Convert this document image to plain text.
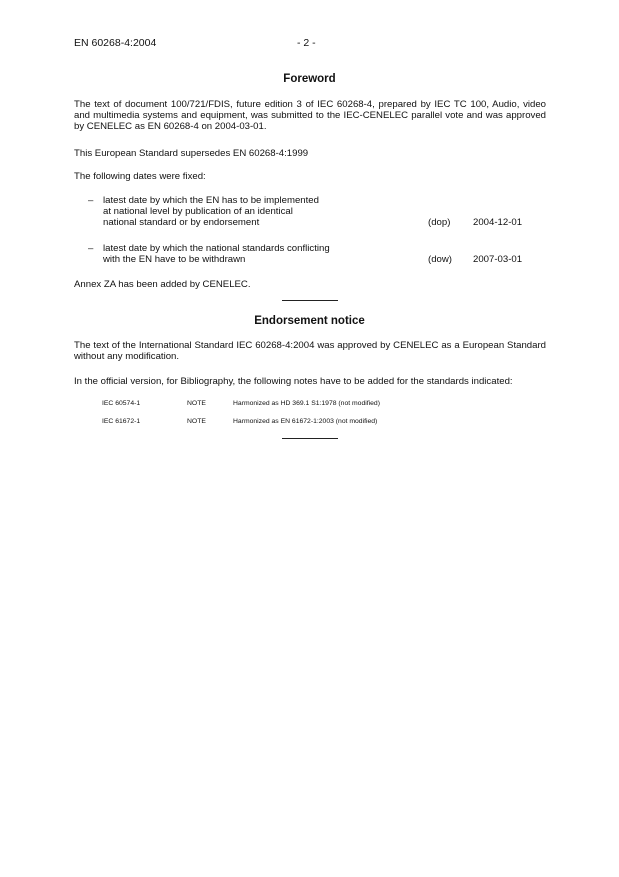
EN 60268-4:2004	- 2 -
Foreword
The text of document 100/721/FDIS, future edition 3 of IEC 60268-4, prepared by IEC TC 100, Audio, video and multimedia systems and equipment, was submitted to the IEC-CENELEC parallel vote and was approved by CENELEC as EN 60268-4 on 2004-03-01.
This European Standard supersedes EN 60268-4:1999
The following dates were fixed:
– latest date by which the EN has to be implemented
at national level by publication of an identical
national standard or by endorsement	(dop) 2004-12-01
– latest date by which the national standards conflicting
with the EN have to be withdrawn	(dow) 2007-03-01
Annex ZA has been added by CENELEC.
Endorsement notice
The text of the International Standard IEC 60268-4:2004 was approved by CENELEC as a European Standard without any modification.
In the official version, for Bibliography, the following notes have to be added for the standards indicated:
IEC 60574-1	NOTE	Harmonized as HD 369.1 S1:1978 (not modified)
IEC 61672-1	NOTE	Harmonized as EN 61672-1:2003 (not modified)
